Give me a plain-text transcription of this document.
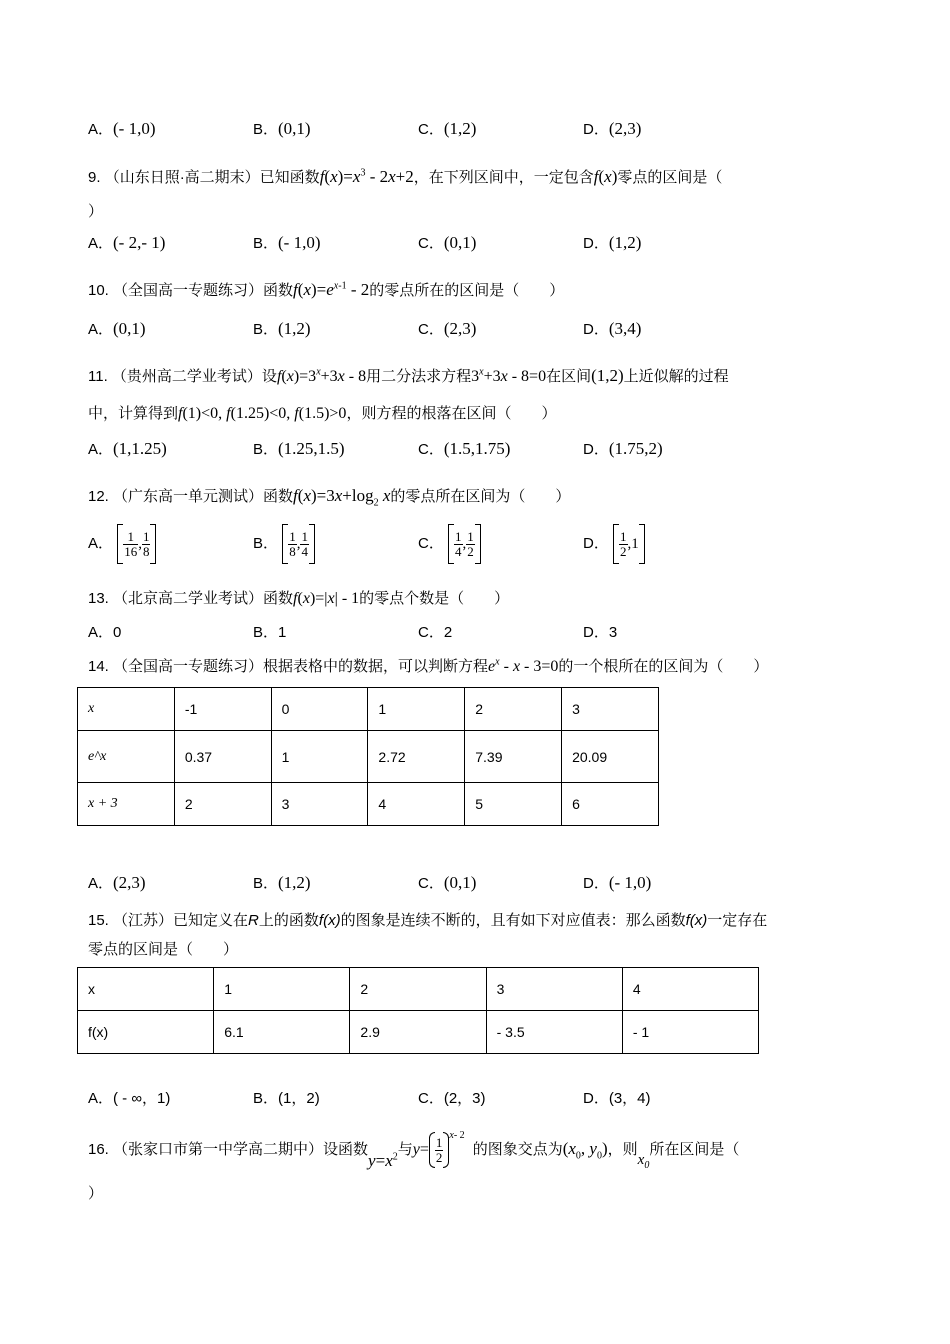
A．(- 1,0)	B．(0,1)	C．(1,2)	D．(2,3)
9. （山东日照·高二期末）已知函数$f(x)=x^3 - 2x+2$，在下列区间中，一定包含f(x)零点的区间是（
）
A．(- 2,- 1)	B．(- 1,0)	C．(0,1)	D．(1,2)
10. （全国高一专题练习）函数$f(x)=e^{x-1} - 2$的零点所在的区间是（　　）
A．(0,1)	B．(1,2)	C．(2,3)	D．(3,4)
11. （贵州高二学业考试）设$f(x)=3^x+3x - 8$用二分法求方程$3^x+3x - 8=0$在区间(1,2)上近似解的过程
中，计算得到f(1)<0, f(1.25)<0, f(1.5)>0，则方程的根落在区间（　　）
A．(1,1.25)	B．(1.25,1.5)	C．(1.5,1.75)	D．(1.75,2)
12. （广东高一单元测试）函数$f(x)=3x+\log_2$ x的零点所在区间为（　　）
A． $\frac{1}{16}$ , $\frac{1}{8}$	B． $\frac{1}{8}$ , $\frac{1}{4}$	C． $\frac{1}{4}$ , $\frac{1}{2}$	D． $\frac{1}{2} ,1$
13. （北京高二学业考试）函数f(x)=|x| - 1的零点个数是（　　）
A．0	B．1	C．2	D．3
14. （全国高一专题练习）根据表格中的数据，可以判断方程$e^x - x - 3=0$的一个根所在的区间为（　　）
x	-1	0	1	2	3
e^x	0.37	1	2.72	7.39	20.09
x + 3	2	3	4	5	6
A．(2,3)	B．(1,2)	C．(0,1)	D．(- 1,0)
15. （江苏）已知定义在R上的函数f(x)的图象是连续不断的，且有如下对应值表：那么函数f(x)一定存在
零点的区间是（　　）
x	1	2	3	4
f(x)	6.1	2.9	- 3.5	- 1
A．( - ∞，1)	B．(1，2)	C．(2，3)	D．(3，4)
16. （张家口市第一中学高二期中）设函数$y=x^2$与$y= \frac{1}{2}$
$^{x- 2}$的图象交点为($x_0$, $y_0$)，则$x_0$所在区间是（
）
